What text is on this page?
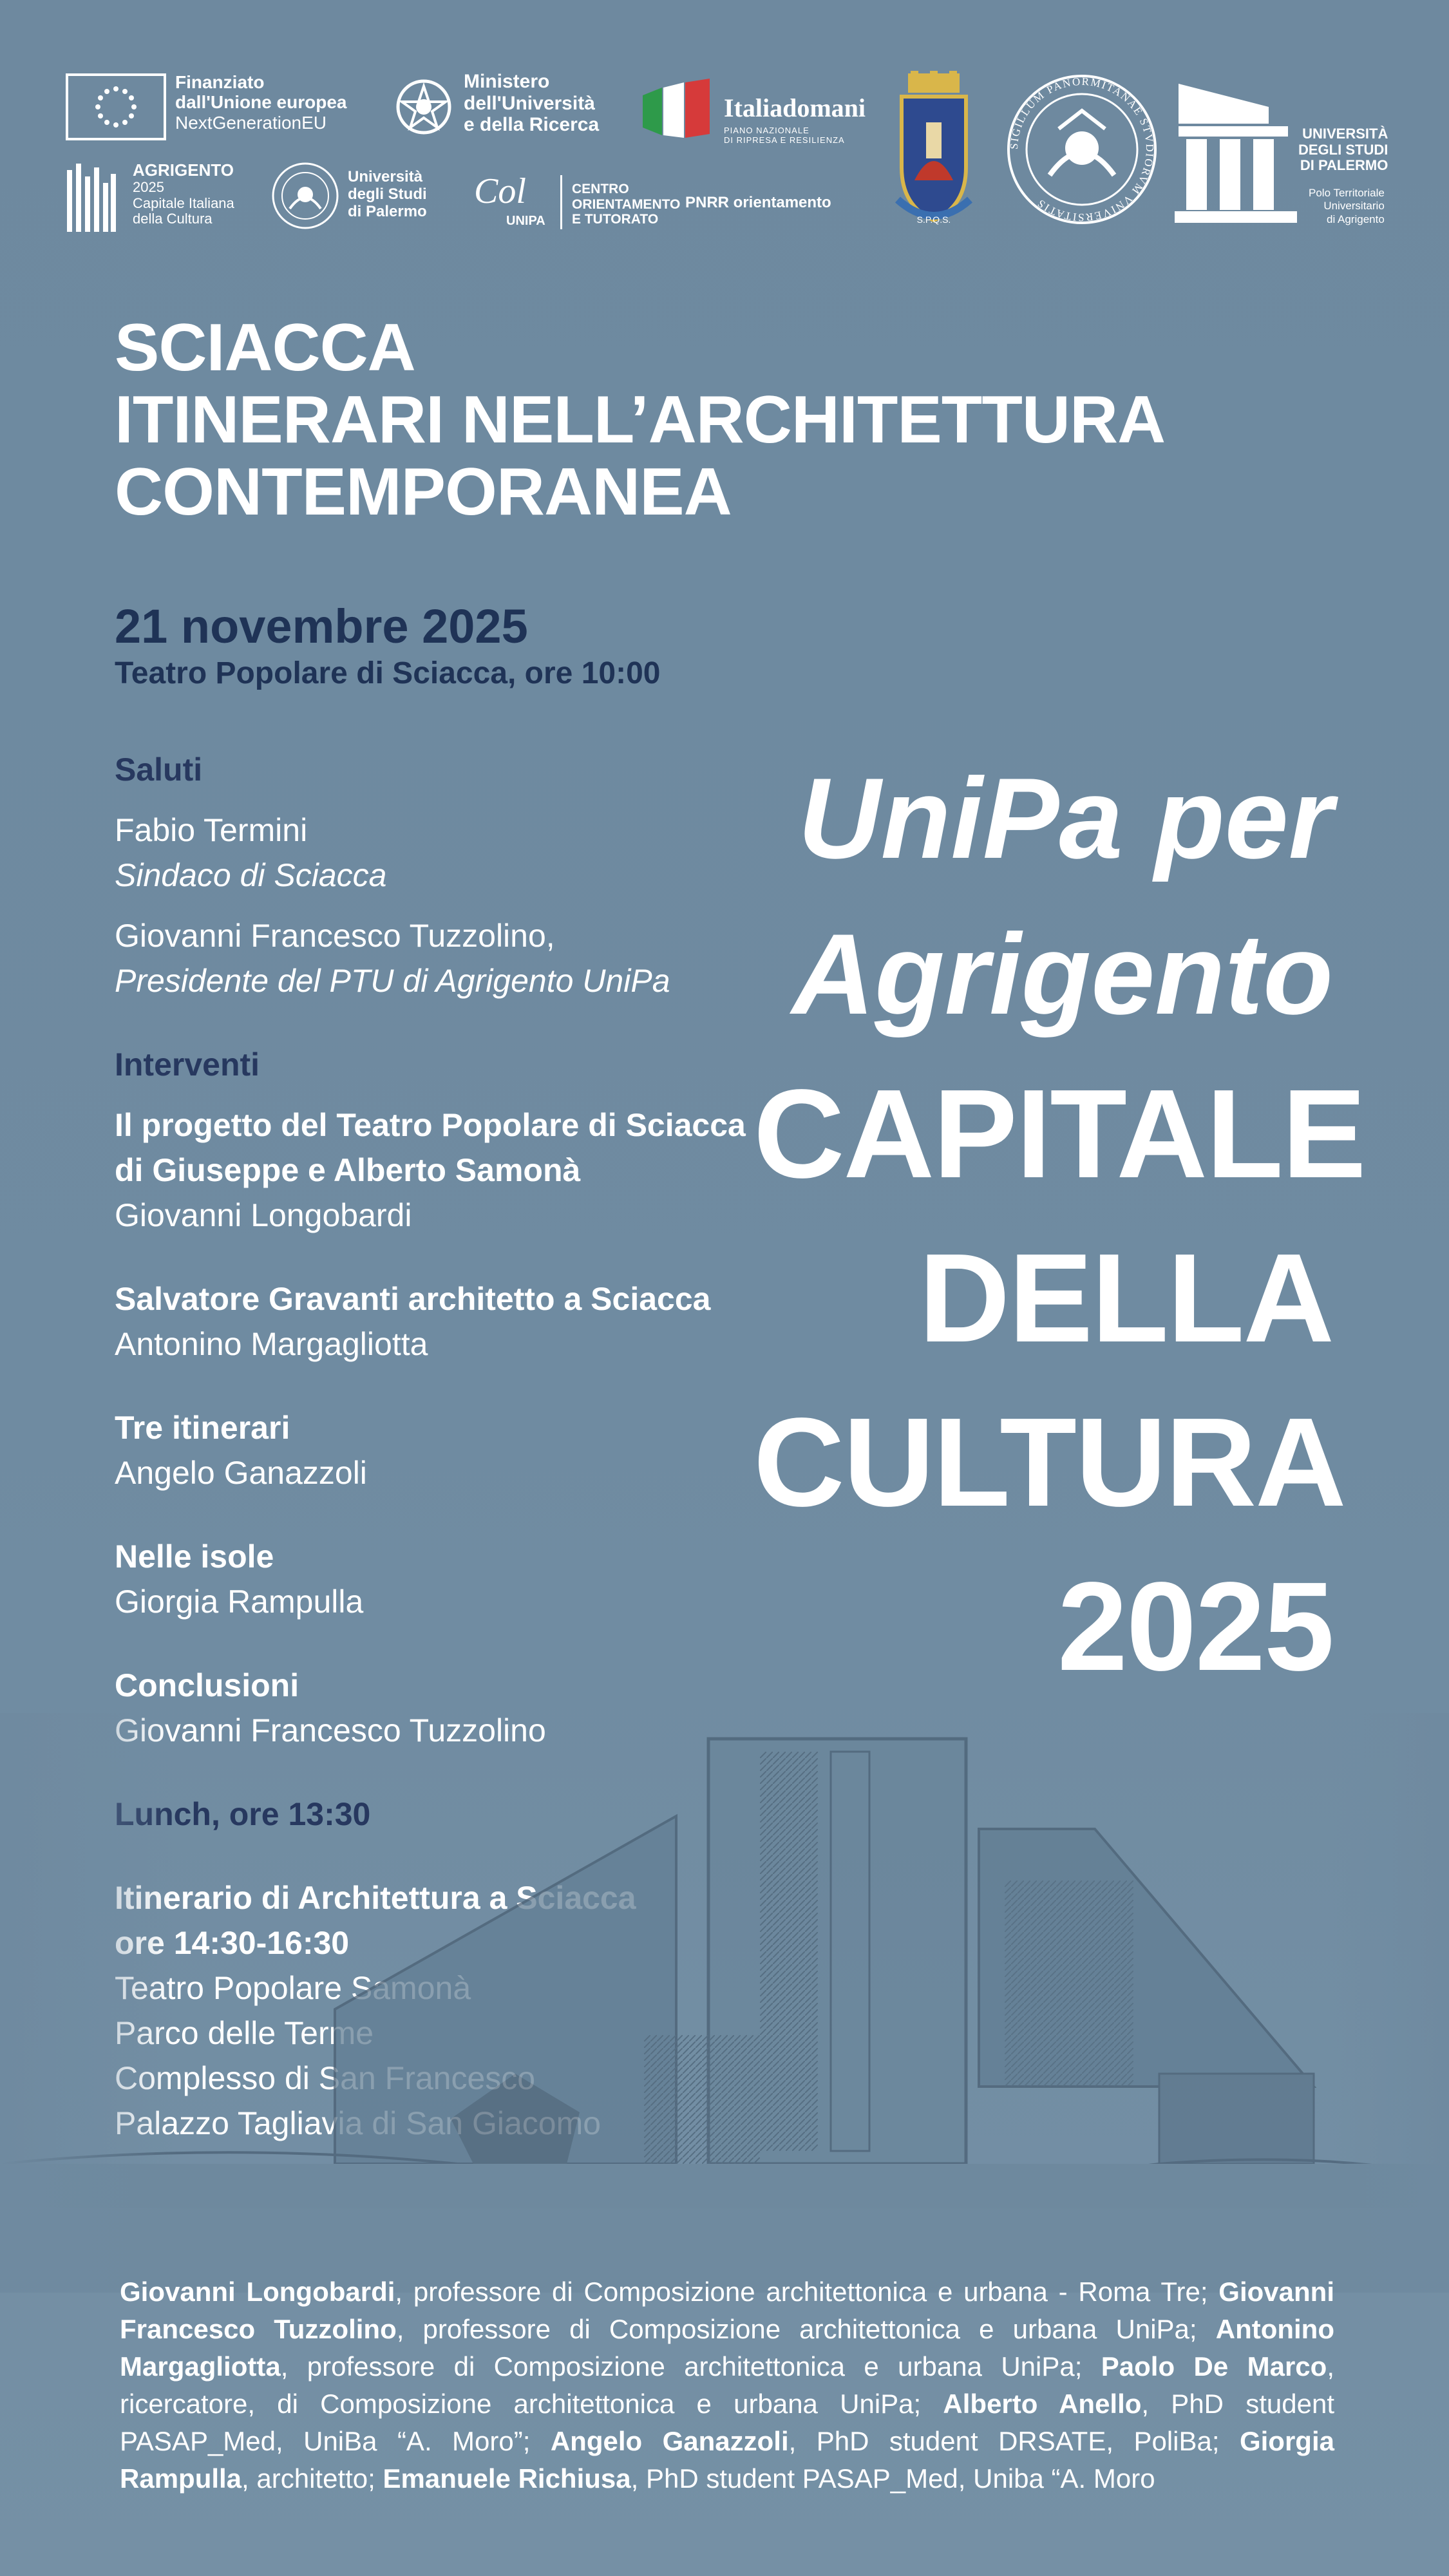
Finanziato
dall'Unione europea
NextGenerationEU
Ministero
dell'Università
e della Ricerca
Italiadomani
PIANO NAZIONALE
DI RIPRESA E RESILIENZA
S.P.Q.S.
SIGILLUM PANORMITANAE STVDIORVM VNIVERSITATIS
UNIVERSITÀ
DEGLI STUDI
DI PALERMO
Polo Territoriale
Universitario
di Agrigento
AGRIGENTO
2025
Capitale Italiana
della Cultura
Università
degli Studi
di Palermo
Col
UNIPA
CENTRO
ORIENTAMENTO
E TUTORATO
PNRR orientamento
SCIACCA
ITINERARI NELL’ARCHITETTURA
CONTEMPORANEA
21 novembre 2025
Teatro Popolare di Sciacca, ore 10:00

Saluti

Fabio Termini

Sindaco di Sciacca

Giovanni Francesco Tuzzolino,

Presidente del PTU di Agrigento UniPa

Interventi

Il progetto del Teatro Popolare di Sciacca

di Giuseppe e Alberto Samonà

Giovanni Longobardi

Salvatore Gravanti architetto a Sciacca

Antonino Margagliotta

Tre itinerari

Angelo Ganazzoli

Nelle isole

Giorgia Rampulla

Conclusioni

UniPa per

Agrigento

CAPITALE

DELLA

CULTURA

2025

Giovanni Longobardi, professore di Composizione architettonica e urbana - Roma Tre; Giovanni Francesco Tuzzolino, professore di Composizione architettonica e urbana UniPa; Antonino Margagliotta, professore di Composizione architettonica e urbana UniPa; Paolo De Marco, ricercatore, di Composizione architettonica e urbana UniPa; Alberto Anello, PhD student PASAP_Med, UniBa “A. Moro”; Angelo Ganazzoli, PhD student DRSATE, PoliBa; Giorgia Rampulla, architetto; Emanuele Richiusa, PhD student PASAP_Med, Uniba “A. Moro
